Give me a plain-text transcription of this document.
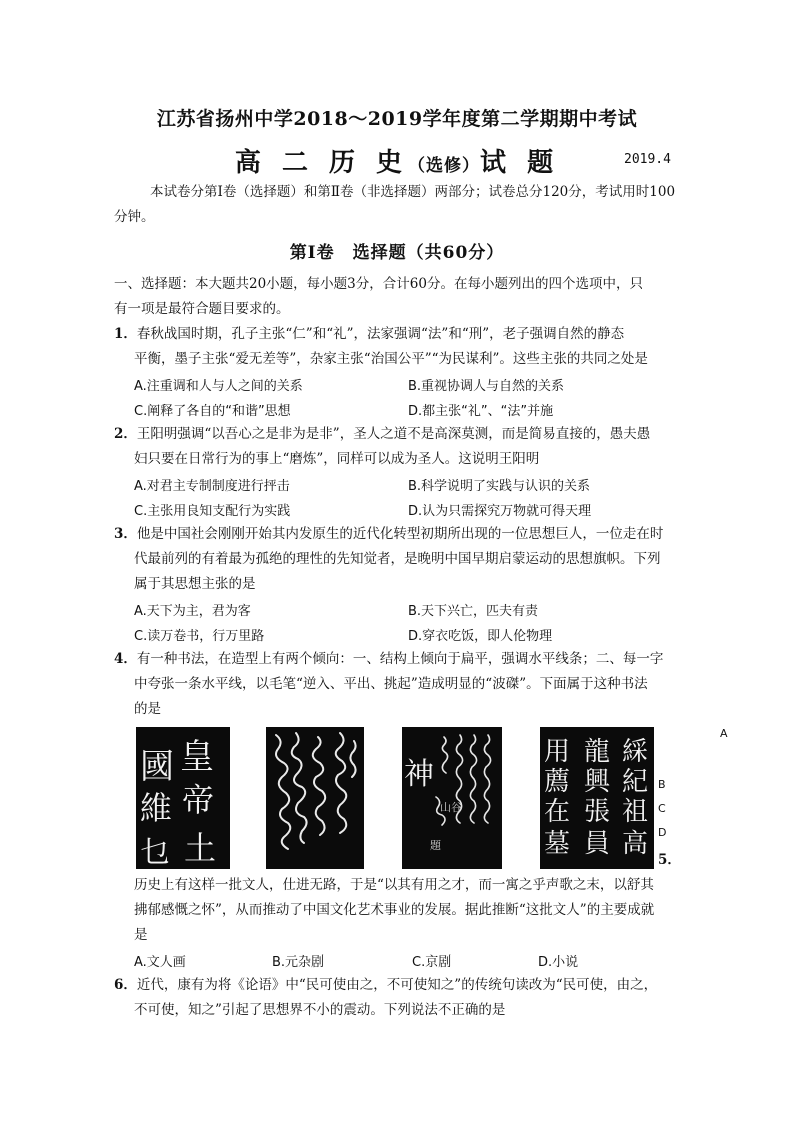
江苏省扬州中学2018～2019学年度第二学期期中考试
高 二 历 史（选修）试 题	2019.4
本试卷分第Ⅰ卷（选择题）和第Ⅱ卷（非选择题）两部分；试卷总分120分，考试用时100
分钟。
第Ⅰ卷　选择题（共60分）
一、选择题：本大题共20小题，每小题3分，合计60分。在每小题列出的四个选项中，只
有一项是最符合题目要求的。
1．春秋战国时期，孔子主张“仁”和“礼”，法家强调“法”和“刑”，老子强调自然的静态
平衡，墨子主张“爱无差等”，杂家主张“治国公平”“为民谋利”。这些主张的共同之处是
A.注重调和人与人之间的关系	B.重视协调人与自然的关系
C.阐释了各自的“和谐”思想	D.都主张“礼”、“法”并施
2．王阳明强调“以吾心之是非为是非”，圣人之道不是高深莫测，而是简易直接的，愚夫愚
妇只要在日常行为的事上“磨炼”，同样可以成为圣人。这说明王阳明
A.对君主专制制度进行抨击	B.科学说明了实践与认识的关系
C.主张用良知支配行为实践	D.认为只需探究万物就可得天理
3．他是中国社会刚刚开始其内发原生的近代化转型初期所出现的一位思想巨人，一位走在时
代最前列的有着最为孤绝的理性的先知觉者，是晚明中国早期启蒙运动的思想旗帜。下列
属于其思想主张的是
A.天下为主，君为客	B.天下兴亡，匹夫有责
C.读万卷书，行万里路	D.穿衣吃饭，即人伦物理
4．有一种书法，在造型上有两个倾向：一、结构上倾向于扁平，强调水平线条；二、每一字
中夸张一条水平线，以毛笔“逆入、平出、挑起”造成明显的“波磔”。下面属于这种书法
的是
皇
帝
國
維
乜 土
神
題
山谷
綵
紀
祖
高
龍
興
張
員
用
薦
在
墓
A
B
C
D
5．
历史上有这样一批文人，仕进无路，于是“以其有用之才，而一寓之乎声歌之末，以舒其
拂郁感慨之怀”，从而推动了中国文化艺术事业的发展。据此推断“这批文人”的主要成就
是
A.文人画	B.元杂剧	C.京剧	D.小说
6．近代，康有为将《论语》中“民可使由之，不可使知之”的传统句读改为“民可使，由之，
不可使，知之”引起了思想界不小的震动。下列说法不正确的是
